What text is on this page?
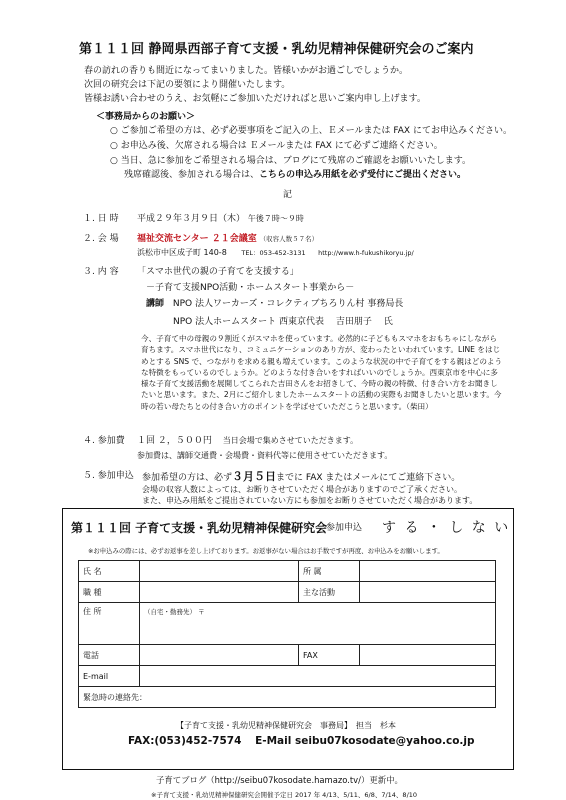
第１１１回 静岡県西部子育て支援・乳幼児精神保健研究会のご案内
春の訪れの香りも間近になってまいりました。皆様いかがお過ごしでしょうか。
次回の研究会は下記の要領により開催いたします。
皆様お誘い合わせのうえ、お気軽にご参加いただければと思いご案内申し上げます。
＜事務局からのお願い＞
○ ご参加ご希望の方は、必ず必要事項をご記入の上、Ｅメールまたは FAX にてお申込みください。
○ お申込み後、欠席される場合は Ｅメールまたは FAX にて必ずご連絡ください。
○ 当日、急に参加をご希望される場合は、ブログにて残席のご確認をお願いいたします。
残席確認後、参加される場合は、こちらの申込み用紙を必ず受付にご提出ください。
記
１. 日 時 平成２９年３月９日（木） 午後７時～９時
２. 会 場 福祉交流センター ２１会議室 （収容人数５７名）
浜松市中区成子町 140-8 TEL：053-452-3131 http://www.h-fukushikoryu.jp/
３. 内 容 「スマホ世代の親の子育てを支援する」
－子育て支援NPO活動・ホームスタート事業から－
講師 NPO 法人ワーカーズ・コレクティブちろりん村 事務局長
NPO 法人ホームスタート 西東京代表　 吉田朋子　 氏
今、子育て中の母親の９割近くがスマホを使っています。必然的に子どももスマホをおもちゃにしながら育ちます。スマホ世代になり、コミュニケーションのあり方が、変わったといわれています。LINE をはじめとする SNS で、つながりを求める親も増えています。このような状況の中で子育てをする親はどのような特徴をもっているのでしょうか。どのような付き合いをすればいいのでしょうか。西東京市を中心に多様な子育て支援活動を展開してこられた吉田さんをお招きして、今時の親の特徴、付き合い方をお聞きしたいと思います。また、2月にご紹介しましたホームスタートの活動の実際もお聞きしたいと思います。今時の若い母たちとの付き合い方のポイントを学ばせていただこうと思います。（柴田）
４. 参加費 １回 ２，５００円 当日会場で集めさせていただきます。
参加費は、講師交通費・会場費・資料代等に使用させていただきます。
５. 参加申込 参加希望の方は、必ず３月５日までに FAX またはメールにてご連絡下さい。
会場の収容人数によっては、お断りさせていただく場合がありますのでご了承ください。
また、申込み用紙をご提出されていない方にも参加をお断りさせていただく場合があります。
第１１１回 子育て支援・乳幼児精神保健研究会
参加申込 す る ・ し な い
※お申込みの際には、必ずお返事を差し上げております。お返事がない場合はお手数ですが再度、お申込みをお願いします。
氏 名		所 属	
職 種		主な活動	
住 所	（自宅・勤務先） 〒		
電話		FAX	
E-mail			
緊急時の連絡先：			
【子育て支援・乳幼児精神保健研究会　事務局】　担当　杉本
FAX:(053)452-7574 E-Mail seibu07kosodate@yahoo.co.jp
子育てブログ（http://seibu07kosodate.hamazo.tv/）更新中。
※子育て支援・乳幼児精神保健研究会開催予定日 2017 年 4/13、5/11、6/8、7/14、8/10
